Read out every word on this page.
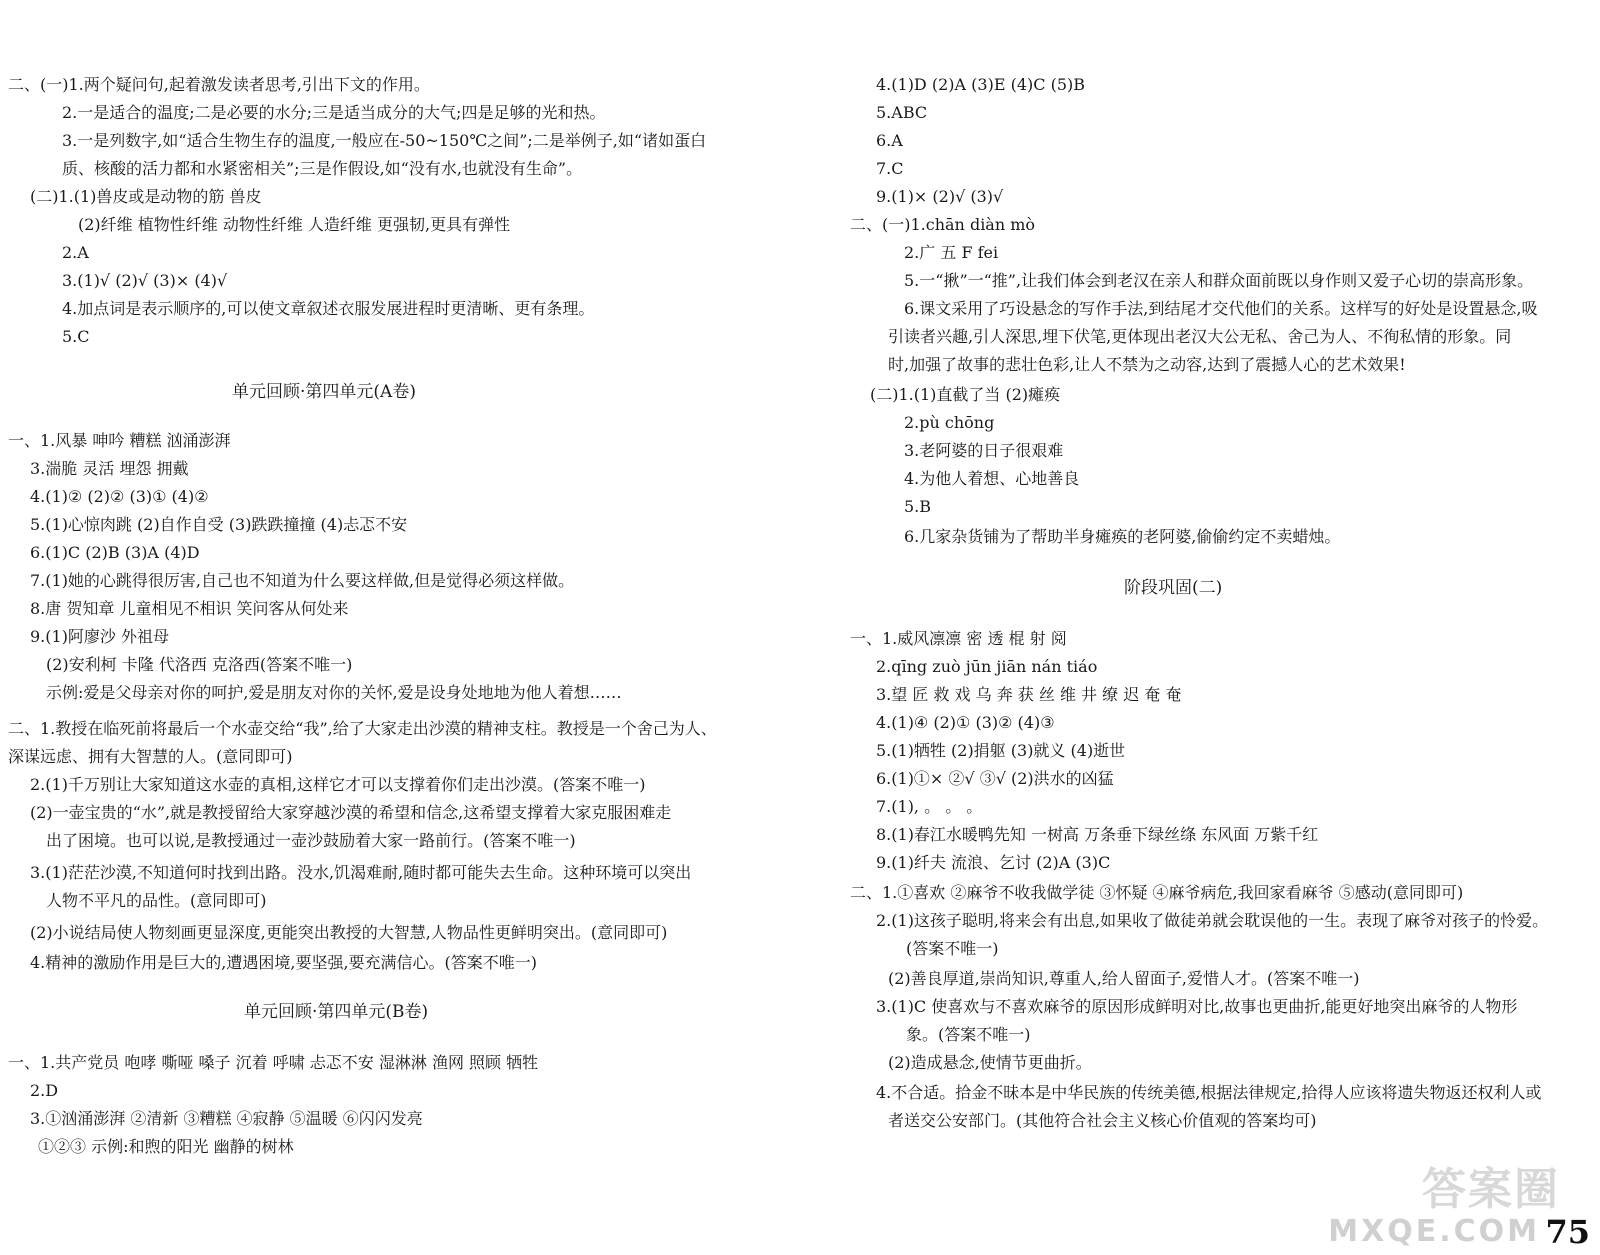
二、(一)1.两个疑问句,起着激发读者思考,引出下文的作用。
2.一是适合的温度;二是必要的水分;三是适当成分的大气;四是足够的光和热。
3.一是列数字,如“适合生物生存的温度,一般应在-50~150℃之间”;二是举例子,如“诸如蛋白
质、核酸的活力都和水紧密相关”;三是作假设,如“没有水,也就没有生命”。
(二)1.(1)兽皮或是动物的筋 兽皮
(2)纤维 植物性纤维 动物性纤维 人造纤维 更强韧,更具有弹性
2.A
3.(1)√ (2)√ (3)× (4)√
4.加点词是表示顺序的,可以使文章叙述衣服发展进程时更清晰、更有条理。
5.C
单元回顾·第四单元(A卷)
一、1.风暴 呻吟 糟糕 汹涌澎湃
3.湍脆 灵活 埋怨 拥戴
4.(1)② (2)② (3)① (4)②
5.(1)心惊肉跳 (2)自作自受 (3)跌跌撞撞 (4)忐忑不安
6.(1)C (2)B (3)A (4)D
7.(1)她的心跳得很厉害,自己也不知道为什么要这样做,但是觉得必须这样做。
8.唐 贺知章 儿童相见不相识 笑问客从何处来
9.(1)阿廖沙 外祖母
(2)安利柯 卡隆 代洛西 克洛西(答案不唯一)
示例:爱是父母亲对你的呵护,爱是朋友对你的关怀,爱是设身处地地为他人着想……
二、1.教授在临死前将最后一个水壶交给“我”,给了大家走出沙漠的精神支柱。教授是一个舍己为人、
深谋远虑、拥有大智慧的人。(意同即可)
2.(1)千万别让大家知道这水壶的真相,这样它才可以支撑着你们走出沙漠。(答案不唯一)
(2)一壶宝贵的“水”,就是教授留给大家穿越沙漠的希望和信念,这希望支撑着大家克服困难走
出了困境。也可以说,是教授通过一壶沙鼓励着大家一路前行。(答案不唯一)
3.(1)茫茫沙漠,不知道何时找到出路。没水,饥渴难耐,随时都可能失去生命。这种环境可以突出
人物不平凡的品性。(意同即可)
(2)小说结局使人物刻画更显深度,更能突出教授的大智慧,人物品性更鲜明突出。(意同即可)
4.精神的激励作用是巨大的,遭遇困境,要坚强,要充满信心。(答案不唯一)
单元回顾·第四单元(B卷)
一、1.共产党员 咆哮 嘶哑 嗓子 沉着 呼啸 忐忑不安 湿淋淋 渔网 照顾 牺牲
2.D
3.①汹涌澎湃 ②清新 ③糟糕 ④寂静 ⑤温暖 ⑥闪闪发亮
①②③ 示例:和煦的阳光 幽静的树林
4.(1)D (2)A (3)E (4)C (5)B
5.ABC
6.A
7.C
9.(1)× (2)√ (3)√
二、(一)1.chān diàn mò
2.广 五 F fei
5.一“揪”一“推”,让我们体会到老汉在亲人和群众面前既以身作则又爱子心切的崇高形象。
6.课文采用了巧设悬念的写作手法,到结尾才交代他们的关系。这样写的好处是设置悬念,吸
引读者兴趣,引人深思,埋下伏笔,更体现出老汉大公无私、舍己为人、不徇私情的形象。同
时,加强了故事的悲壮色彩,让人不禁为之动容,达到了震撼人心的艺术效果!
(二)1.(1)直截了当 (2)瘫痪
2.pù chōng
3.老阿婆的日子很艰难
4.为他人着想、心地善良
5.B
6.几家杂货铺为了帮助半身瘫痪的老阿婆,偷偷约定不卖蜡烛。
阶段巩固(二)
一、1.威风凛凛 密 透 棍 射 阅
2.qīng zuò jūn jiān nán tiáo
3.望 匠 救 戏 乌 奔 获 丝 维 井 缭 迟 奄 奄
4.(1)④ (2)① (3)② (4)③
5.(1)牺牲 (2)捐躯 (3)就义 (4)逝世
6.(1)①× ②√ ③√ (2)洪水的凶猛
7.(1), 。 。 。
8.(1)春江水暖鸭先知 一树高 万条垂下绿丝绦 东风面 万紫千红
9.(1)纤夫 流浪、乞讨 (2)A (3)C
二、1.①喜欢 ②麻爷不收我做学徒 ③怀疑 ④麻爷病危,我回家看麻爷 ⑤感动(意同即可)
2.(1)这孩子聪明,将来会有出息,如果收了做徒弟就会耽误他的一生。表现了麻爷对孩子的怜爱。
(答案不唯一)
(2)善良厚道,崇尚知识,尊重人,给人留面子,爱惜人才。(答案不唯一)
3.(1)C 使喜欢与不喜欢麻爷的原因形成鲜明对比,故事也更曲折,能更好地突出麻爷的人物形
象。(答案不唯一)
(2)造成悬念,使情节更曲折。
4.不合适。拾金不昧本是中华民族的传统美德,根据法律规定,拾得人应该将遗失物返还权利人或
者送交公安部门。(其他符合社会主义核心价值观的答案均可)
答案圈
MXQE.COM 75
